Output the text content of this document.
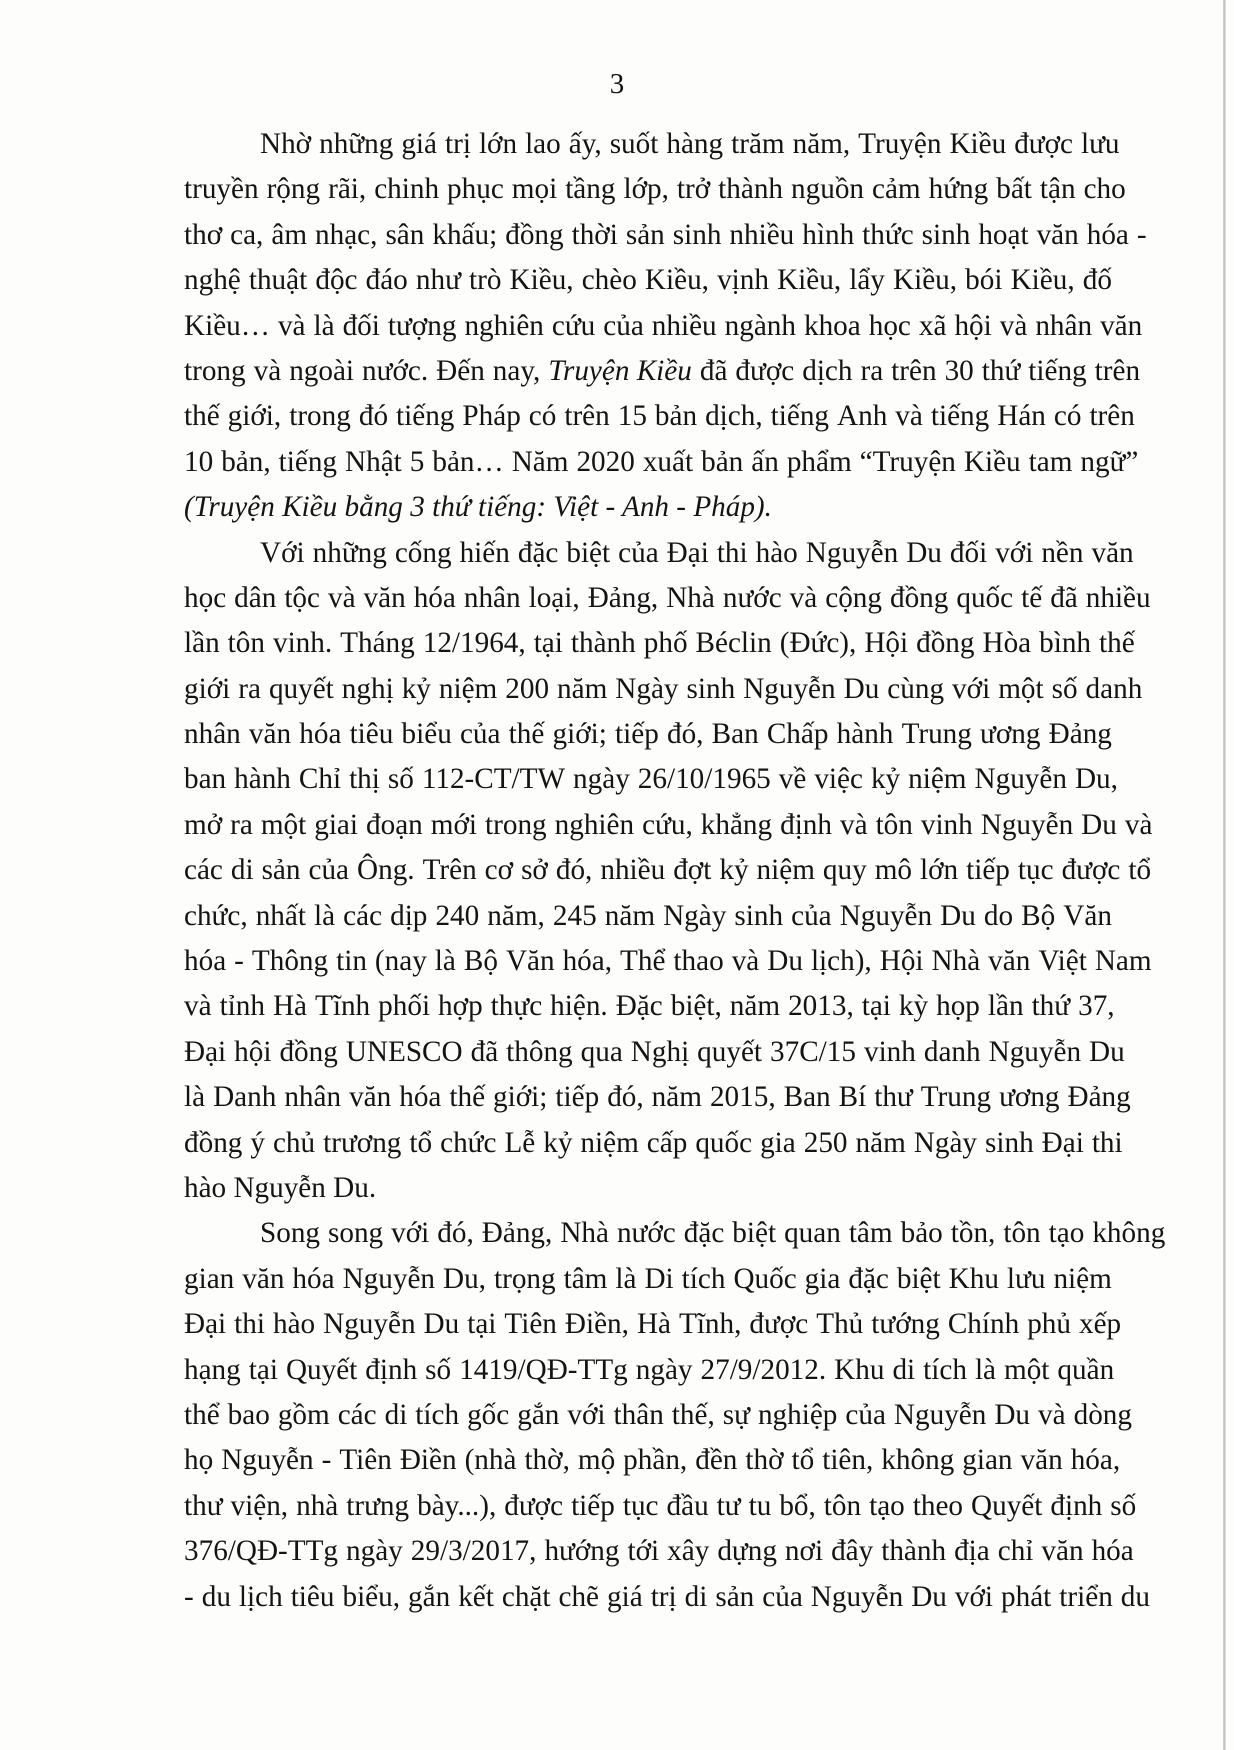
3
Nhờ những giá trị lớn lao ấy, suốt hàng trăm năm, Truyện Kiều được lưu
truyền rộng rãi, chinh phục mọi tầng lớp, trở thành nguồn cảm hứng bất tận cho
thơ ca, âm nhạc, sân khấu; đồng thời sản sinh nhiều hình thức sinh hoạt văn hóa -
nghệ thuật độc đáo như trò Kiều, chèo Kiều, vịnh Kiều, lẩy Kiều, bói Kiều, đố
Kiều… và là đối tượng nghiên cứu của nhiều ngành khoa học xã hội và nhân văn
trong và ngoài nước. Đến nay, Truyện Kiều đã được dịch ra trên 30 thứ tiếng trên
thế giới, trong đó tiếng Pháp có trên 15 bản dịch, tiếng Anh và tiếng Hán có trên
10 bản, tiếng Nhật 5 bản… Năm 2020 xuất bản ấn phẩm “Truyện Kiều tam ngữ”
(Truyện Kiều bằng 3 thứ tiếng: Việt - Anh - Pháp).
Với những cống hiến đặc biệt của Đại thi hào Nguyễn Du đối với nền văn
học dân tộc và văn hóa nhân loại, Đảng, Nhà nước và cộng đồng quốc tế đã nhiều
lần tôn vinh. Tháng 12/1964, tại thành phố Béclin (Đức), Hội đồng Hòa bình thế
giới ra quyết nghị kỷ niệm 200 năm Ngày sinh Nguyễn Du cùng với một số danh
nhân văn hóa tiêu biểu của thế giới; tiếp đó, Ban Chấp hành Trung ương Đảng
ban hành Chỉ thị số 112-CT/TW ngày 26/10/1965 về việc kỷ niệm Nguyễn Du,
mở ra một giai đoạn mới trong nghiên cứu, khẳng định và tôn vinh Nguyễn Du và
các di sản của Ông. Trên cơ sở đó, nhiều đợt kỷ niệm quy mô lớn tiếp tục được tổ
chức, nhất là các dịp 240 năm, 245 năm Ngày sinh của Nguyễn Du do Bộ Văn
hóa - Thông tin (nay là Bộ Văn hóa, Thể thao và Du lịch), Hội Nhà văn Việt Nam
và tỉnh Hà Tĩnh phối hợp thực hiện. Đặc biệt, năm 2013, tại kỳ họp lần thứ 37,
Đại hội đồng UNESCO đã thông qua Nghị quyết 37C/15 vinh danh Nguyễn Du
là Danh nhân văn hóa thế giới; tiếp đó, năm 2015, Ban Bí thư Trung ương Đảng
đồng ý chủ trương tổ chức Lễ kỷ niệm cấp quốc gia 250 năm Ngày sinh Đại thi
hào Nguyễn Du.
Song song với đó, Đảng, Nhà nước đặc biệt quan tâm bảo tồn, tôn tạo không
gian văn hóa Nguyễn Du, trọng tâm là Di tích Quốc gia đặc biệt Khu lưu niệm
Đại thi hào Nguyễn Du tại Tiên Điền, Hà Tĩnh, được Thủ tướng Chính phủ xếp
hạng tại Quyết định số 1419/QĐ-TTg ngày 27/9/2012. Khu di tích là một quần
thể bao gồm các di tích gốc gắn với thân thế, sự nghiệp của Nguyễn Du và dòng
họ Nguyễn - Tiên Điền (nhà thờ, mộ phần, đền thờ tổ tiên, không gian văn hóa,
thư viện, nhà trưng bày...), được tiếp tục đầu tư tu bổ, tôn tạo theo Quyết định số
376/QĐ-TTg ngày 29/3/2017, hướng tới xây dựng nơi đây thành địa chỉ văn hóa
- du lịch tiêu biểu, gắn kết chặt chẽ giá trị di sản của Nguyễn Du với phát triển du
